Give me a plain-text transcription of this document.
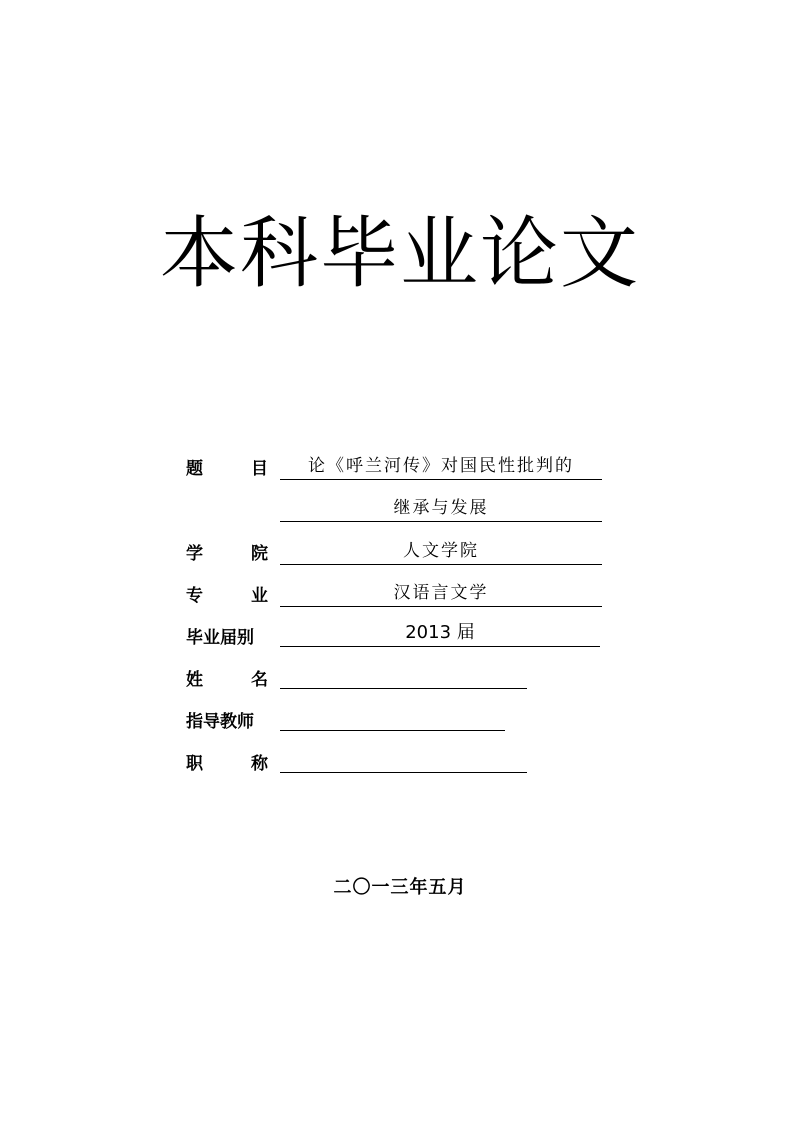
本科毕业论文
题	目	论《呼兰河传》对国民性批判的
继承与发展
学	院	人文学院
专	业	汉语言文学
毕业届别	2013 届
姓	名
指导教师
职	称
二〇一三年五月
